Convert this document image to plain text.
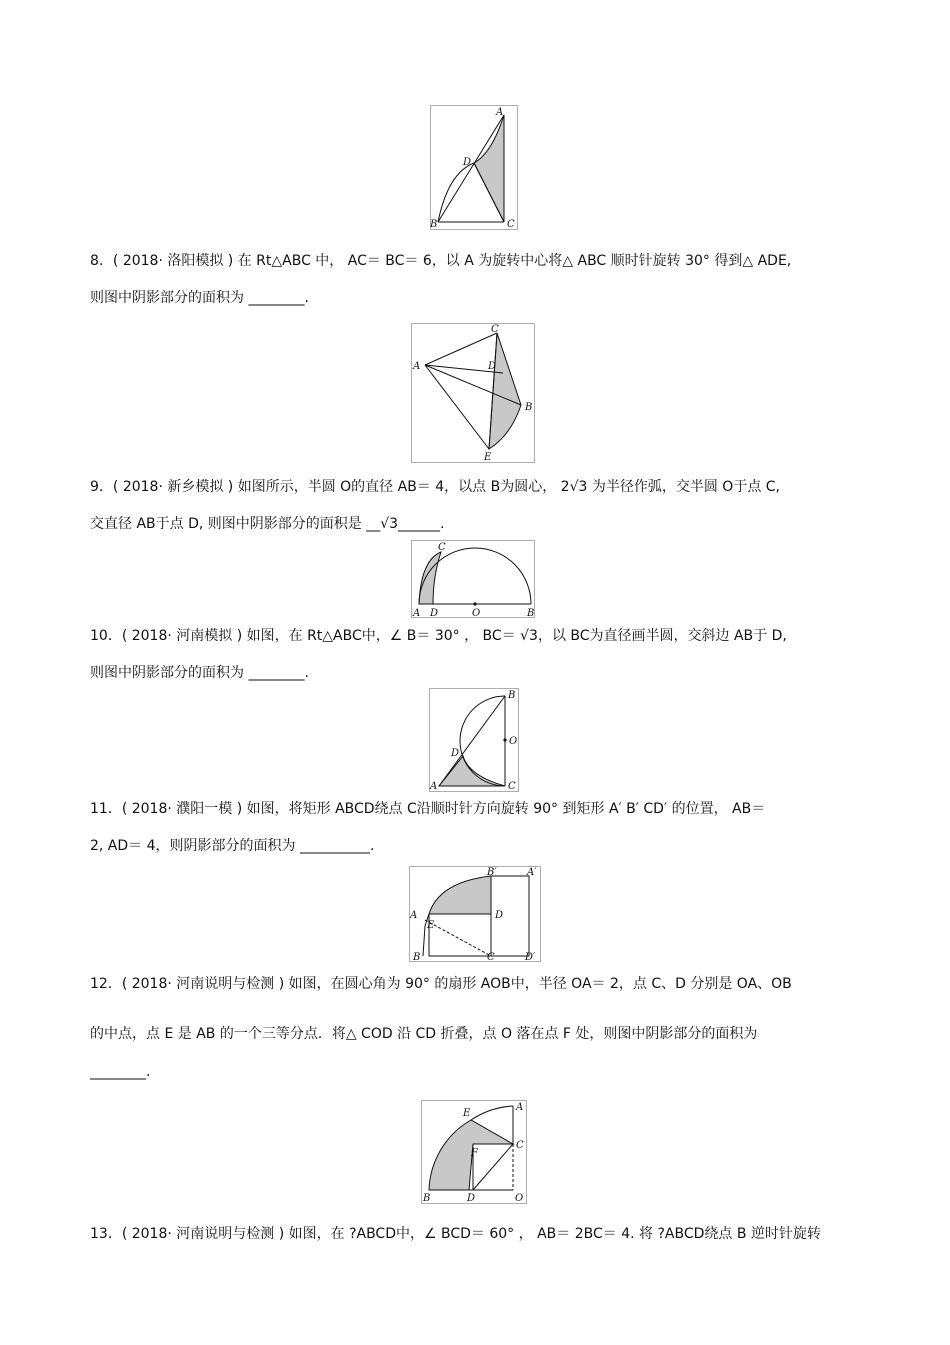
A
D
B	C
8．( 2018· 洛阳模拟 ) 在 Rt△ABC 中， AC＝ BC＝ 6，以 A 为旋转中心将△ ABC 顺时针旋转 30° 得到△ ADE,
则图中阴影部分的面积为 ________.
C
A	D
B
E
9．( 2018· 新乡模拟 ) 如图所示，半圆 O的直径 AB＝ 4，以点 B为圆心， 2√3 为半径作弧，交半圆 O于点 C,
交直径 AB于点 D, 则图中阴影部分的面积是 __√3______.
C
A D	O	B
10．( 2018· 河南模拟 ) 如图，在 Rt△ABC中，∠ B＝ 30° ， BC＝ √3，以 BC为直径画半圆，交斜边 AB于 D,
则图中阴影部分的面积为 ________.
B
O
D
A	C
11．( 2018· 濮阳一模 ) 如图，将矩形 ABCD绕点 C沿顺时针方向旋转 90° 到矩形 A′ B′ CD′ 的位置， AB＝
2, AD＝ 4，则阴影部分的面积为 __________.
B′	A′
A	D
E
B	C	D′
12．( 2018· 河南说明与检测 ) 如图，在圆心角为 90° 的扇形 AOB中，半径 OA＝ 2，点 C、D 分别是 OA、OB
的中点，点 E 是 AB 的一个三等分点．将△ COD 沿 CD 折叠，点 O 落在点 F 处，则图中阴影部分的面积为
________.
E
A
C
F
B	D	O
13．( 2018· 河南说明与检测 ) 如图，在 ?ABCD中，∠ BCD＝ 60° ， AB＝ 2BC＝ 4. 将 ?ABCD绕点 B 逆时针旋转
